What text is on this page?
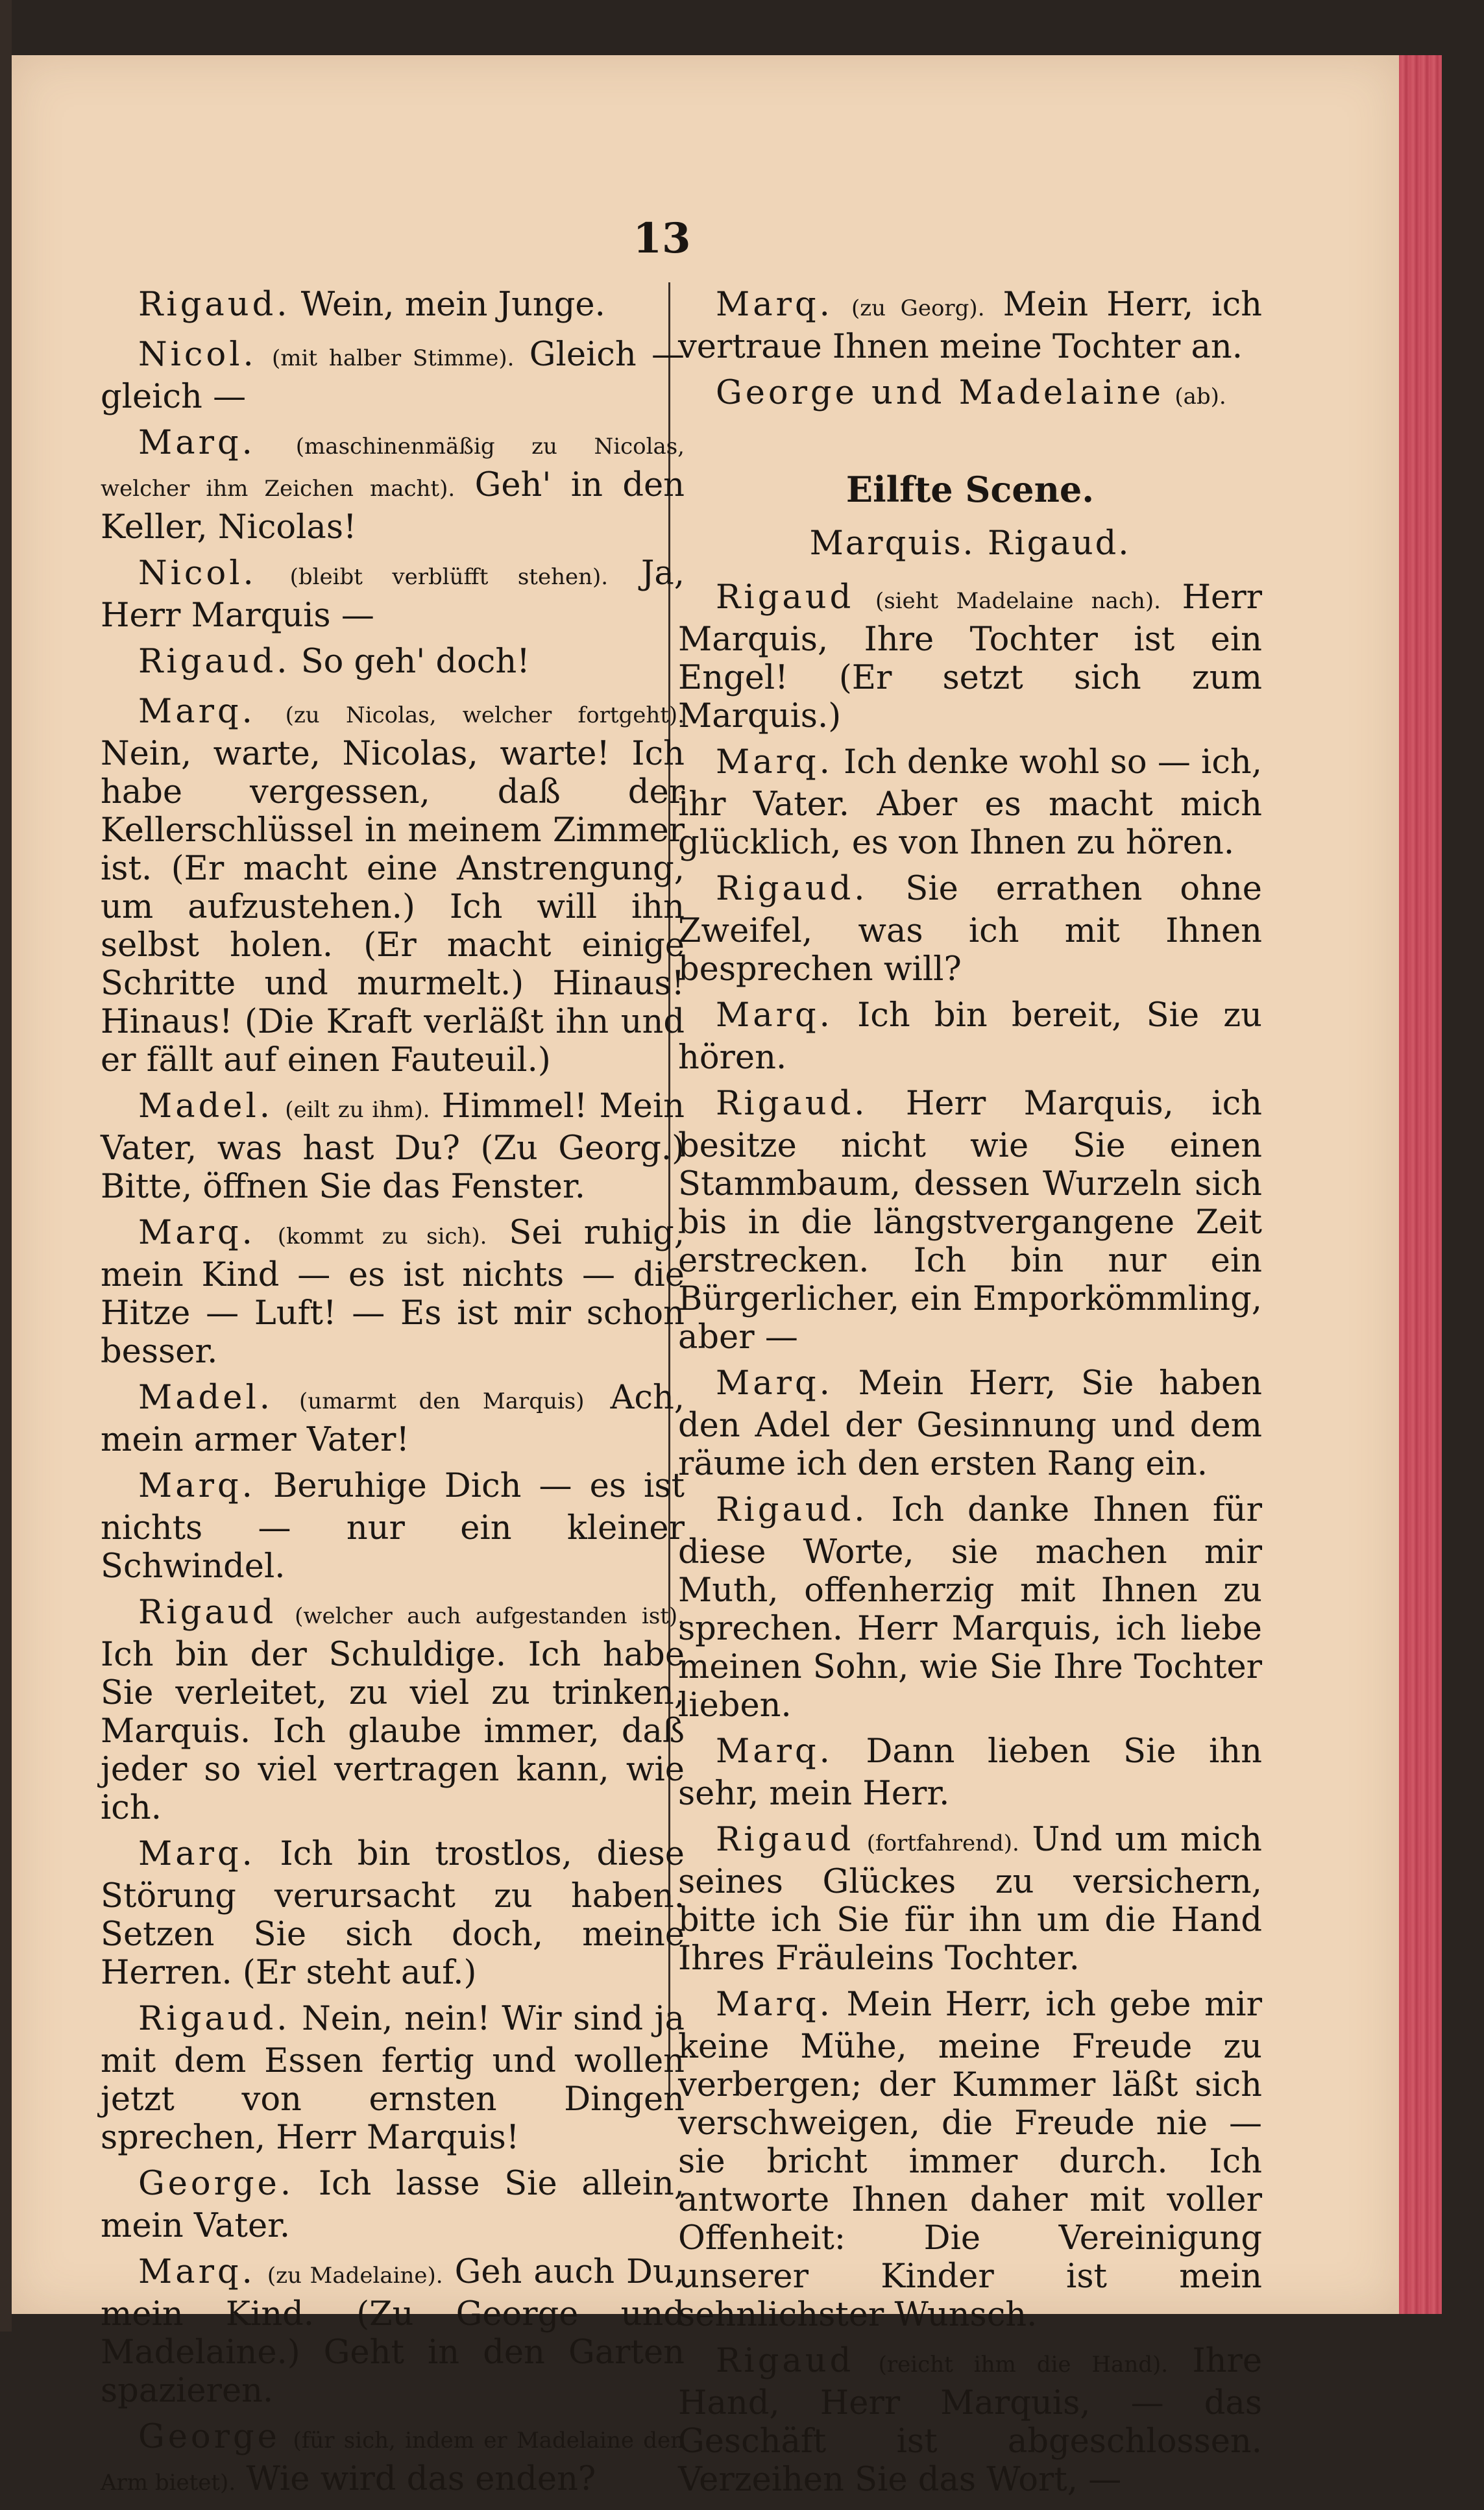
13

Rigaud. Wein, mein Junge.

Nicol. (mit halber Stimme). Gleich — gleich —

Marq. (maschinenmäßig zu Nicolas, welcher ihm Zeichen macht). Geh' in den Keller, Nicolas!

Nicol. (bleibt verblüfft stehen). Ja, Herr Marquis —

Rigaud. So geh' doch!

Marq. (zu Nicolas, welcher fortgeht). Nein, warte, Nicolas, warte! Ich habe vergessen, daß der Kellerschlüssel in meinem Zimmer ist. (Er macht eine Anstrengung, um aufzustehen.) Ich will ihn selbst holen. (Er macht einige Schritte und murmelt.) Hinaus! Hinaus! (Die Kraft verläßt ihn und er fällt auf einen Fauteuil.)

Madel. (eilt zu ihm). Himmel! Mein Vater, was hast Du? (Zu Georg.) Bitte, öffnen Sie das Fenster.

Marq. (kommt zu sich). Sei ruhig, mein Kind — es ist nichts — die Hitze — Luft! — Es ist mir schon besser.

Madel. (umarmt den Marquis) Ach, mein armer Vater!

Marq. Beruhige Dich — es ist nichts — nur ein kleiner Schwindel.

Rigaud (welcher auch aufgestanden ist). Ich bin der Schuldige. Ich habe Sie verleitet, zu viel zu trinken, Marquis. Ich glaube immer, daß jeder so viel vertragen kann, wie ich.

Marq. Ich bin trostlos, diese Störung verursacht zu haben. Setzen Sie sich doch, meine Herren. (Er steht auf.)

Rigaud. Nein, nein! Wir sind ja mit dem Essen fertig und wollen jetzt von ernsten Dingen sprechen, Herr Marquis!

George. Ich lasse Sie allein, mein Vater.

Marq. (zu Madelaine). Geh auch Du, mein Kind. (Zu George und Madelaine.) Geht in den Garten spazieren.

George (für sich, indem er Madelaine den Arm bietet). Wie wird das enden?

Marq. (zu Georg). Mein Herr, ich vertraue Ihnen meine Tochter an.

George und Madelaine (ab).

Eilfte Scene.
Marquis. Rigaud.

Rigaud (sieht Madelaine nach). Herr Marquis, Ihre Tochter ist ein Engel! (Er setzt sich zum Marquis.)

Marq. Ich denke wohl so — ich, ihr Vater. Aber es macht mich glücklich, es von Ihnen zu hören.

Rigaud. Sie errathen ohne Zweifel, was ich mit Ihnen besprechen will?

Marq. Ich bin bereit, Sie zu hören.

Rigaud. Herr Marquis, ich besitze nicht wie Sie einen Stammbaum, dessen Wurzeln sich bis in die längstvergangene Zeit erstrecken. Ich bin nur ein Bürgerlicher, ein Emporkömmling, aber —

Marq. Mein Herr, Sie haben den Adel der Gesinnung und dem räume ich den ersten Rang ein.

Rigaud. Ich danke Ihnen für diese Worte, sie machen mir Muth, offenherzig mit Ihnen zu sprechen. Herr Marquis, ich liebe meinen Sohn, wie Sie Ihre Tochter lieben.

Marq. Dann lieben Sie ihn sehr, mein Herr.

Rigaud (fortfahrend). Und um mich seines Glückes zu versichern, bitte ich Sie für ihn um die Hand Ihres Fräuleins Tochter.

Marq. Mein Herr, ich gebe mir keine Mühe, meine Freude zu verbergen; der Kummer läßt sich verschweigen, die Freude nie — sie bricht immer durch. Ich antworte Ihnen daher mit voller Offenheit: Die Vereinigung unserer Kinder ist mein sehnlichster Wunsch.

Rigaud (reicht ihm die Hand). Ihre Hand, Herr Marquis, — das Geschäft ist abgeschlossen. Verzeihen Sie das Wort, —
